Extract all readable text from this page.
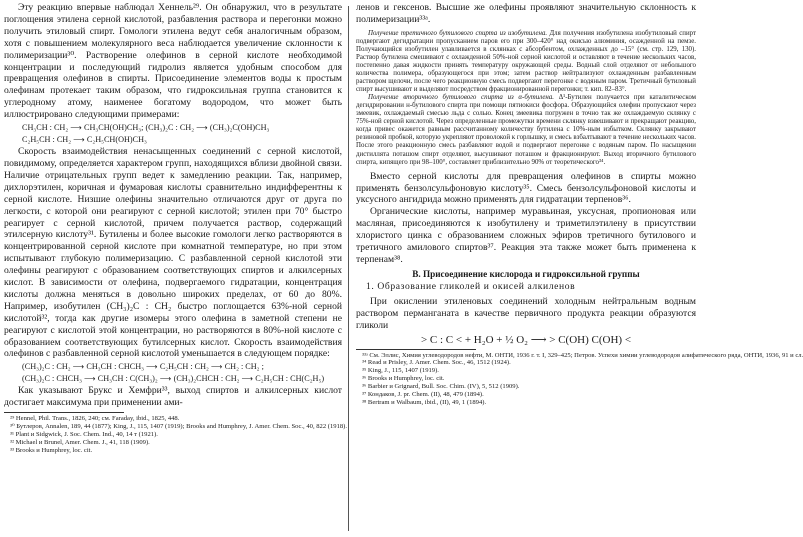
Эту реакцию впервые наблюдал Хеннель²⁹. Он обнаружил, что в результате поглощения этилена серной кислотой, разбавления раствора и перегонки можно получить этиловый спирт. Гомологи этилена ведут себя аналогичным образом, хотя с повышением молекулярного веса наблюдается увеличение склонности к полимеризации³⁰. Растворение олефинов в серной кислоте необходимой концентрации и последующий гидролиз является удобным способом для превращения олефинов в спирты. Присоединение элементов воды к простым олефинам протекает таким образом, что гидроксильная группа становится к углеродному атому, наименее богатому водородом, что может быть иллюстрировано следующими примерами:

CH₃CH : CH₂ ⟶ CH₃CH(OH)CH₃; (CH₃)₂C : CH₂ ⟶ (CH₃)₂C(OH)CH₃
C₂H₅CH : CH₂ ⟶ C₂H₅CH(OH)CH₃

Скорость взаимодействия ненасыщенных соединений с серной кислотой, повидимому, определяется характером групп, находящихся вблизи двойной связи. Наличие отрицательных групп ведет к замедлению реакции. Так, например, дихлорэтилен, коричная и фумаровая кислоты сравнительно индифферентны к серной кислоте. Низшие олефины значительно отличаются друг от друга по легкости, с которой они реагируют с серной кислотой; этилен при 70° быстро реагирует с серной кислотой, причем получается раствор, содержащий этилсерную кислоту³¹. Бутилены и более высокие гомологи легко растворяются в концентрированной серной кислоте при комнатной температуре, но при этом испытывают глубокую полимеризацию. С разбавленной серной кислотой эти олефины реагируют с образованием соответствующих спиртов и алкилсерных кислот. В зависимости от олефина, подвергаемого гидратации, концентрация кислоты должна меняться в довольно широких пределах, от 60 до 80%. Например, изобутилен (CH₃)₂C : CH₂ быстро поглощается 63%-ной серной кислотой³², тогда как другие изомеры этого олефина в заметной степени не реагируют с кислотой этой концентрации, но растворяются в 80%-ной кислоте с образованием соответствующих бутилсерных кислот. Скорость взаимодействия олефинов с разбавленной серной кислотой уменьшается в следующем порядке:

(CH₃)₂C : CH₂ ⟶ CH₃CH : CHCH₃ ⟶ C₂H₅CH : CH₂ ⟶ CH₂ : CH₂ ;
(CH₃)₂C : CHCH₃ ⟶ CH₃CH : C(CH₃)₂ ⟶ (CH₃)₂CHCH : CH₂ ⟶ C₂H₅CH : CH(C₂H₅)

Как указывают Брукс и Хемфри³³, выход спиртов и алкилсерных кислот достигает максимума при применении ами-

²⁹ Hennel, Phil. Trans., 1826, 240; см. Faraday, ibid., 1825, 448.
³⁰ Бутлеров, Annalen, 189, 44 (1877); King, J., 115, 1407 (1919); Brooks and Humphrey, J. Amer. Chem. Soc., 40, 822 (1918).
³¹ Plant и Sidgwick, J. Soc. Chem. Ind., 40, 14 т (1921).
³² Michael и Brunel, Amer. Chem. J., 41, 118 (1909).
³³ Brooks и Humphrey, loc. cit.

ленов и гексенов. Высшие же олефины проявляют значительную склонность к полимеризации³³ᵃ.

Получение третичного бутилового спирта из изобутилена. Для получения изобутилена изобутиловый спирт подвергают дегидратации пропусканием паров его при 300–420° над окисью алюминия, осажденной на пемзе. Получающийся изобутилен улавливается в склянках с абсорбентом, охлажденных до –15° (см. стр. 129, 130). Раствор бутилена смешивают с охлажденной 50%-ной серной кислотой и оставляют в течение нескольких часов, постепенно давая жидкости принять температуру окружающей среды. Водный слой отделяют от небольшого количества полимера, образующегося при этом; затем раствор нейтрализуют охлажденным разбавленным раствором щелочи, после чего реакционную смесь подвергают перегонке с водяным паром. Третичный бутиловый спирт высушивают и выделяют посредством фракционированной перегонки; т. кип. 82–83°.

Получение вторичного бутилового спирта из α-бутилена. Δ¹-Бутилен получается при каталитическом дегидрировании н-бутилового спирта при помощи пятиокиси фосфора. Образующийся олефин пропускают через змеевик, охлаждаемый смесью льда с солью. Конец змеевика погружен в точно так же охлаждаемую склянку с 75%-ной серной кислотой. Через определенные промежутки времени склянку взвешивают и прекращают реакцию, когда привес окажется равным рассчитанному количеству бутилена с 10%-ным избытком. Склянку закрывают резиновой пробкой, которую укрепляют проволокой к горлышку, и смесь взбалтывают в течение нескольких часов. После этого реакционную смесь разбавляют водой и подвергают перегонке с водяным паром. По насыщении дистиллята поташом спирт отделяют, высушивают поташом и фракционируют. Выход вторичного бутилового спирта, кипящего при 98–100°, составляет приблизительно 90% от теоретического³⁴.

Вместо серной кислоты для превращения олефинов в спирты можно применять бензолсульфоновую кислоту³⁵. Смесь бензолсульфоновой кислоты и уксусного ангидрида можно применять для гидратации терпенов³⁶.

Органические кислоты, например муравьиная, уксусная, пропионовая или масляная, присоединяются к изобутилену и триметилэтилену в присутствии хлористого цинка с образованием сложных эфиров третичного бутилового и третичного амилового спиртов³⁷. Реакция эта также может быть применена к терпенам³⁸.

B. Присоединение кислорода и гидроксильной группы
1. Образование гликолей и окисей алкиленов

При окислении этиленовых соединений холодным нейтральным водным раствором перманганата в качестве первичного продукта реакции образуются гликоли

> C : C < + H₂O + ½ O₂ ⟶ > C(OH) C(OH) <
³³ᵃ См. Эллис, Химия углеводородов нефти, М. ОНТИ, 1936 г. т. I, 329–425; Петров. Успехи химии углеводородов алифатического ряда, ОНТИ, 1936, 91 и сл.
³⁴ Read и Prisley, J. Amer. Chem. Soc., 46, 1512 (1924).
³⁵ King, J., 115, 1407 (1919).
³⁶ Brooks и Humphrey, loc. cit.
³⁶ Barbier и Grignard, Bull. Soc. Chim. (IV), 5, 512 (1909).
³⁷ Кондаков, J. pr. Chem. (II), 48, 479 (1894).
³⁸ Bertram и Walbaum, ibid., (II), 49, 1 (1894).
